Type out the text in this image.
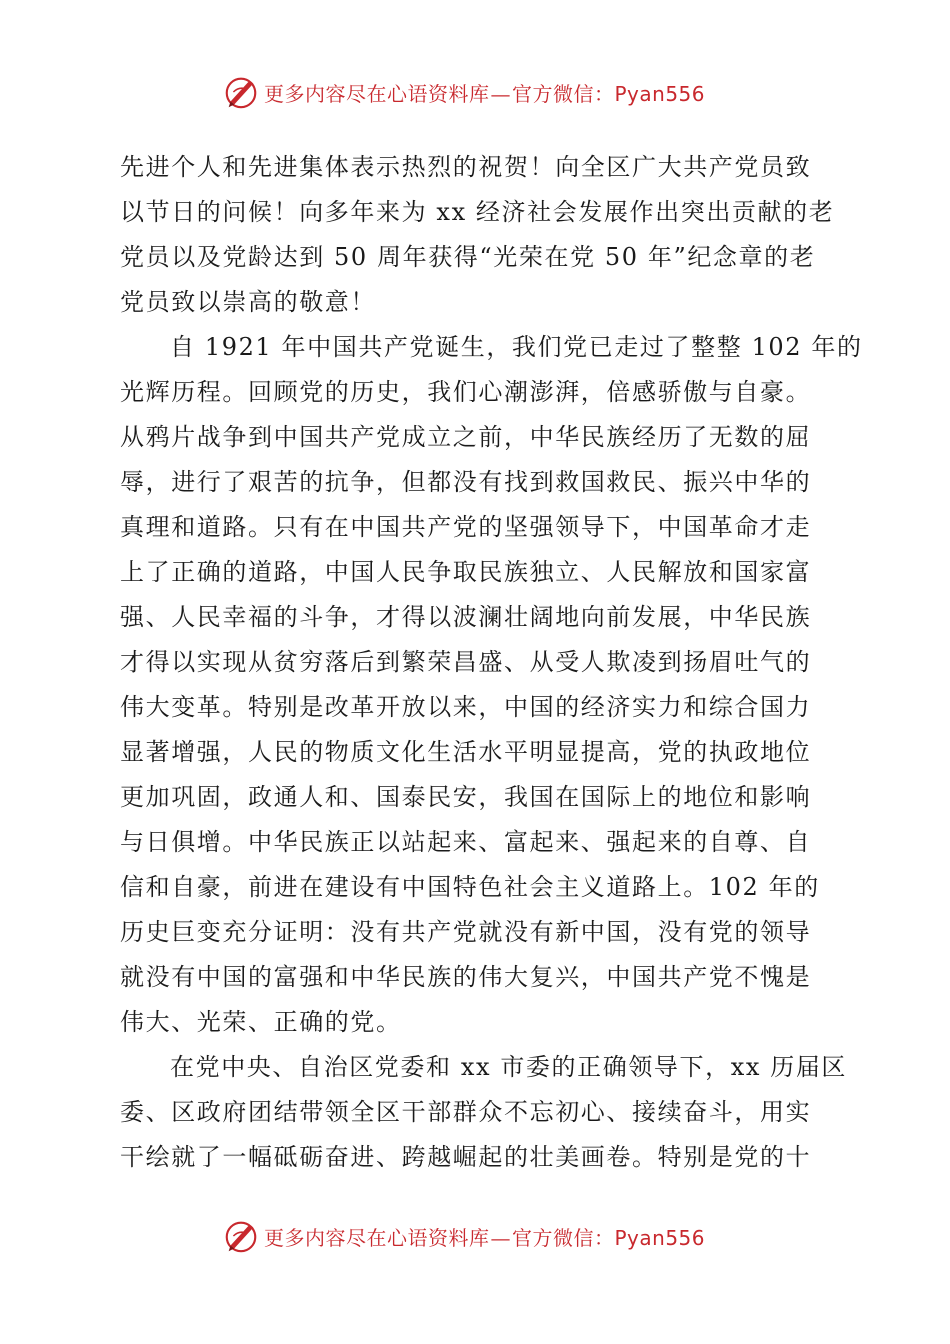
更多内容尽在心语资料库—官方微信：Pyan556
先进个人和先进集体表示热烈的祝贺！向全区广大共产党员致
以节日的问候！向多年来为 xx 经济社会发展作出突出贡献的老
党员以及党龄达到 50 周年获得“光荣在党 50 年”纪念章的老
党员致以崇高的敬意！
自 1921 年中国共产党诞生，我们党已走过了整整 102 年的
光辉历程。回顾党的历史，我们心潮澎湃，倍感骄傲与自豪。
从鸦片战争到中国共产党成立之前，中华民族经历了无数的屈
辱，进行了艰苦的抗争，但都没有找到救国救民、振兴中华的
真理和道路。只有在中国共产党的坚强领导下，中国革命才走
上了正确的道路，中国人民争取民族独立、人民解放和国家富
强、人民幸福的斗争，才得以波澜壮阔地向前发展，中华民族
才得以实现从贫穷落后到繁荣昌盛、从受人欺凌到扬眉吐气的
伟大变革。特别是改革开放以来，中国的经济实力和综合国力
显著增强，人民的物质文化生活水平明显提高，党的执政地位
更加巩固，政通人和、国泰民安，我国在国际上的地位和影响
与日俱增。中华民族正以站起来、富起来、强起来的自尊、自
信和自豪，前进在建设有中国特色社会主义道路上。102 年的
历史巨变充分证明：没有共产党就没有新中国，没有党的领导
就没有中国的富强和中华民族的伟大复兴，中国共产党不愧是
伟大、光荣、正确的党。
在党中央、自治区党委和 xx 市委的正确领导下，xx 历届区
委、区政府团结带领全区干部群众不忘初心、接续奋斗，用实
干绘就了一幅砥砺奋进、跨越崛起的壮美画卷。特别是党的十
更多内容尽在心语资料库—官方微信：Pyan556
